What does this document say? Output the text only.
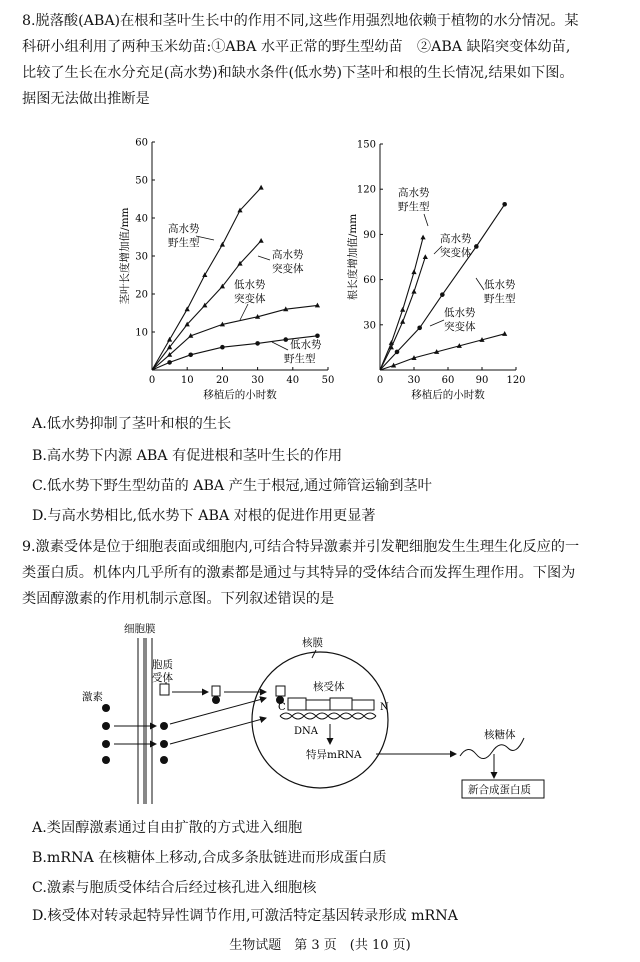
8.脱落酸(ABA)在根和茎叶生长中的作用不同,这些作用强烈地依赖于植物的水分情况。某

科研小组利用了两种玉米幼苗:①ABA 水平正常的野生型幼苗　②ABA 缺陷突变体幼苗,

比较了生长在水分充足(高水势)和缺水条件(低水势)下茎叶和根的生长情况,结果如下图。

据图无法做出推断是

0	10 20 30 40 50
10
20
30
40
50
60
移植后的小时数
茎叶长度增加值/mm	高水势
野生型
高水势
突变体
低水势
突变体
低水势
野生型
0 30 60 90 120
30
60
90
120
150
移植后的小时数
根长度增加值/mm
高水势
野生型
高水势
突变体
低水势
野生型
低水势
突变体
A.低水势抑制了茎叶和根的生长
B.高水势下内源 ABA 有促进根和茎叶生长的作用
C.低水势下野生型幼苗的 ABA 产生于根冠,通过筛管运输到茎叶
D.与高水势相比,低水势下 ABA 对根的促进作用更显著

9.激素受体是位于细胞表面或细胞内,可结合特异激素并引发靶细胞发生生理生化反应的一

类蛋白质。机体内几乎所有的激素都是通过与其特异的受体结合而发挥生理作用。下图为

类固醇激素的作用机制示意图。下列叙述错误的是

细胞膜
胞质
受体
激素
核膜
核受体
C	N
DNA
特异mRNA
核糖体
新合成蛋白质
A.类固醇激素通过自由扩散的方式进入细胞
B.mRNA 在核糖体上移动,合成多条肽链进而形成蛋白质
C.激素与胞质受体结合后经过核孔进入细胞核
D.核受体对转录起特异性调节作用,可激活特定基因转录形成 mRNA
生物试题　第 3 页　(共 10 页)
